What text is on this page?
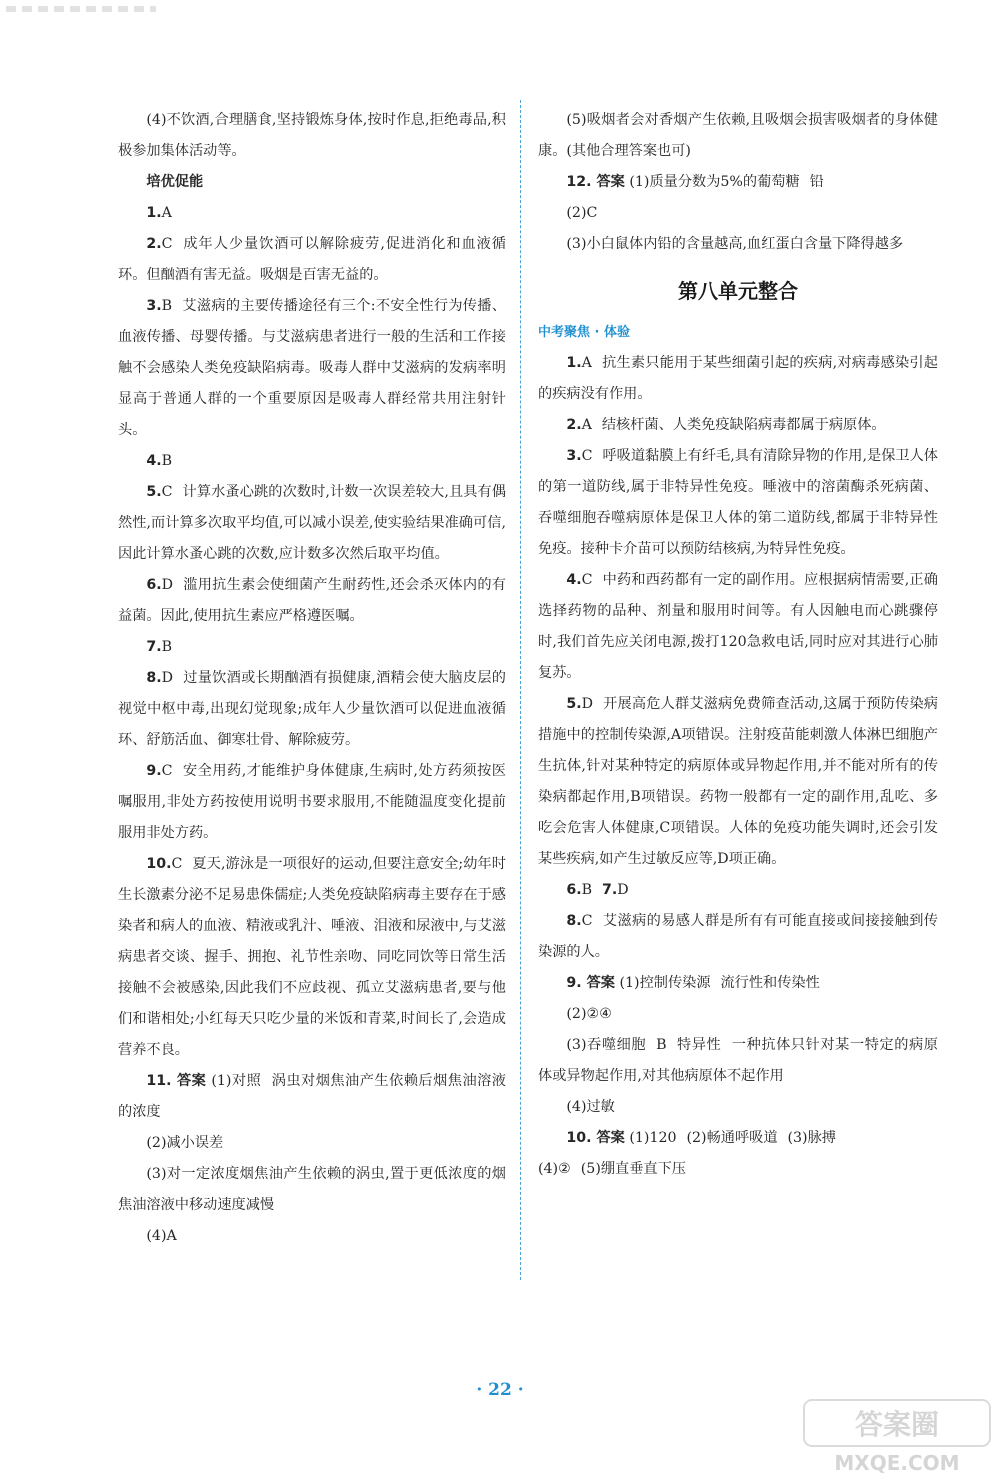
(4)不饮酒,合理膳食,坚持锻炼身体,按时作息,拒绝毒品,积极参加集体活动等。

培优促能

1.A

2.C 成年人少量饮酒可以解除疲劳,促进消化和血液循环。但酗酒有害无益。吸烟是百害无益的。

3.B 艾滋病的主要传播途径有三个:不安全性行为传播、血液传播、母婴传播。与艾滋病患者进行一般的生活和工作接触不会感染人类免疫缺陷病毒。吸毒人群中艾滋病的发病率明显高于普通人群的一个重要原因是吸毒人群经常共用注射针头。

4.B

5.C 计算水蚤心跳的次数时,计数一次误差较大,且具有偶然性,而计算多次取平均值,可以减小误差,使实验结果准确可信,因此计算水蚤心跳的次数,应计数多次然后取平均值。

6.D 滥用抗生素会使细菌产生耐药性,还会杀灭体内的有益菌。因此,使用抗生素应严格遵医嘱。

7.B

8.D 过量饮酒或长期酗酒有损健康,酒精会使大脑皮层的视觉中枢中毒,出现幻觉现象;成年人少量饮酒可以促进血液循环、舒筋活血、御寒壮骨、解除疲劳。

9.C 安全用药,才能维护身体健康,生病时,处方药须按医嘱服用,非处方药按使用说明书要求服用,不能随温度变化提前服用非处方药。

10.C 夏天,游泳是一项很好的运动,但要注意安全;幼年时生长激素分泌不足易患侏儒症;人类免疫缺陷病毒主要存在于感染者和病人的血液、精液或乳汁、唾液、泪液和尿液中,与艾滋病患者交谈、握手、拥抱、礼节性亲吻、同吃同饮等日常生活接触不会被感染,因此我们不应歧视、孤立艾滋病患者,要与他们和谐相处;小红每天只吃少量的米饭和青菜,时间长了,会造成营养不良。

11. 答案 (1)对照 涡虫对烟焦油产生依赖后烟焦油溶液的浓度

(2)减小误差

(3)对一定浓度烟焦油产生依赖的涡虫,置于更低浓度的烟焦油溶液中移动速度减慢

(4)A

(5)吸烟者会对香烟产生依赖,且吸烟会损害吸烟者的身体健康。(其他合理答案也可)

12. 答案 (1)质量分数为5%的葡萄糖 铅

(2)C

(3)小白鼠体内铅的含量越高,血红蛋白含量下降得越多

第八单元整合

中考聚焦 · 体验

1.A 抗生素只能用于某些细菌引起的疾病,对病毒感染引起的疾病没有作用。

2.A 结核杆菌、人类免疫缺陷病毒都属于病原体。

3.C 呼吸道黏膜上有纤毛,具有清除异物的作用,是保卫人体的第一道防线,属于非特异性免疫。唾液中的溶菌酶杀死病菌、吞噬细胞吞噬病原体是保卫人体的第二道防线,都属于非特异性免疫。接种卡介苗可以预防结核病,为特异性免疫。

4.C 中药和西药都有一定的副作用。应根据病情需要,正确选择药物的品种、剂量和服用时间等。有人因触电而心跳骤停时,我们首先应关闭电源,拨打120急救电话,同时应对其进行心肺复苏。

5.D 开展高危人群艾滋病免费筛查活动,这属于预防传染病措施中的控制传染源,A项错误。注射疫苗能刺激人体淋巴细胞产生抗体,针对某种特定的病原体或异物起作用,并不能对所有的传染病都起作用,B项错误。药物一般都有一定的副作用,乱吃、多吃会危害人体健康,C项错误。人体的免疫功能失调时,还会引发某些疾病,如产生过敏反应等,D项正确。

6.B 7.D

8.C 艾滋病的易感人群是所有有可能直接或间接接触到传染源的人。

9. 答案 (1)控制传染源 流行性和传染性

(2)②④

(3)吞噬细胞 B 特异性 一种抗体只针对某一特定的病原体或异物起作用,对其他病原体不起作用

(4)过敏

10. 答案 (1)120 (2)畅通呼吸道 (3)脉搏

(4)② (5)绷直垂直下压

· 22 ·
答案圈
MXQE.COM
